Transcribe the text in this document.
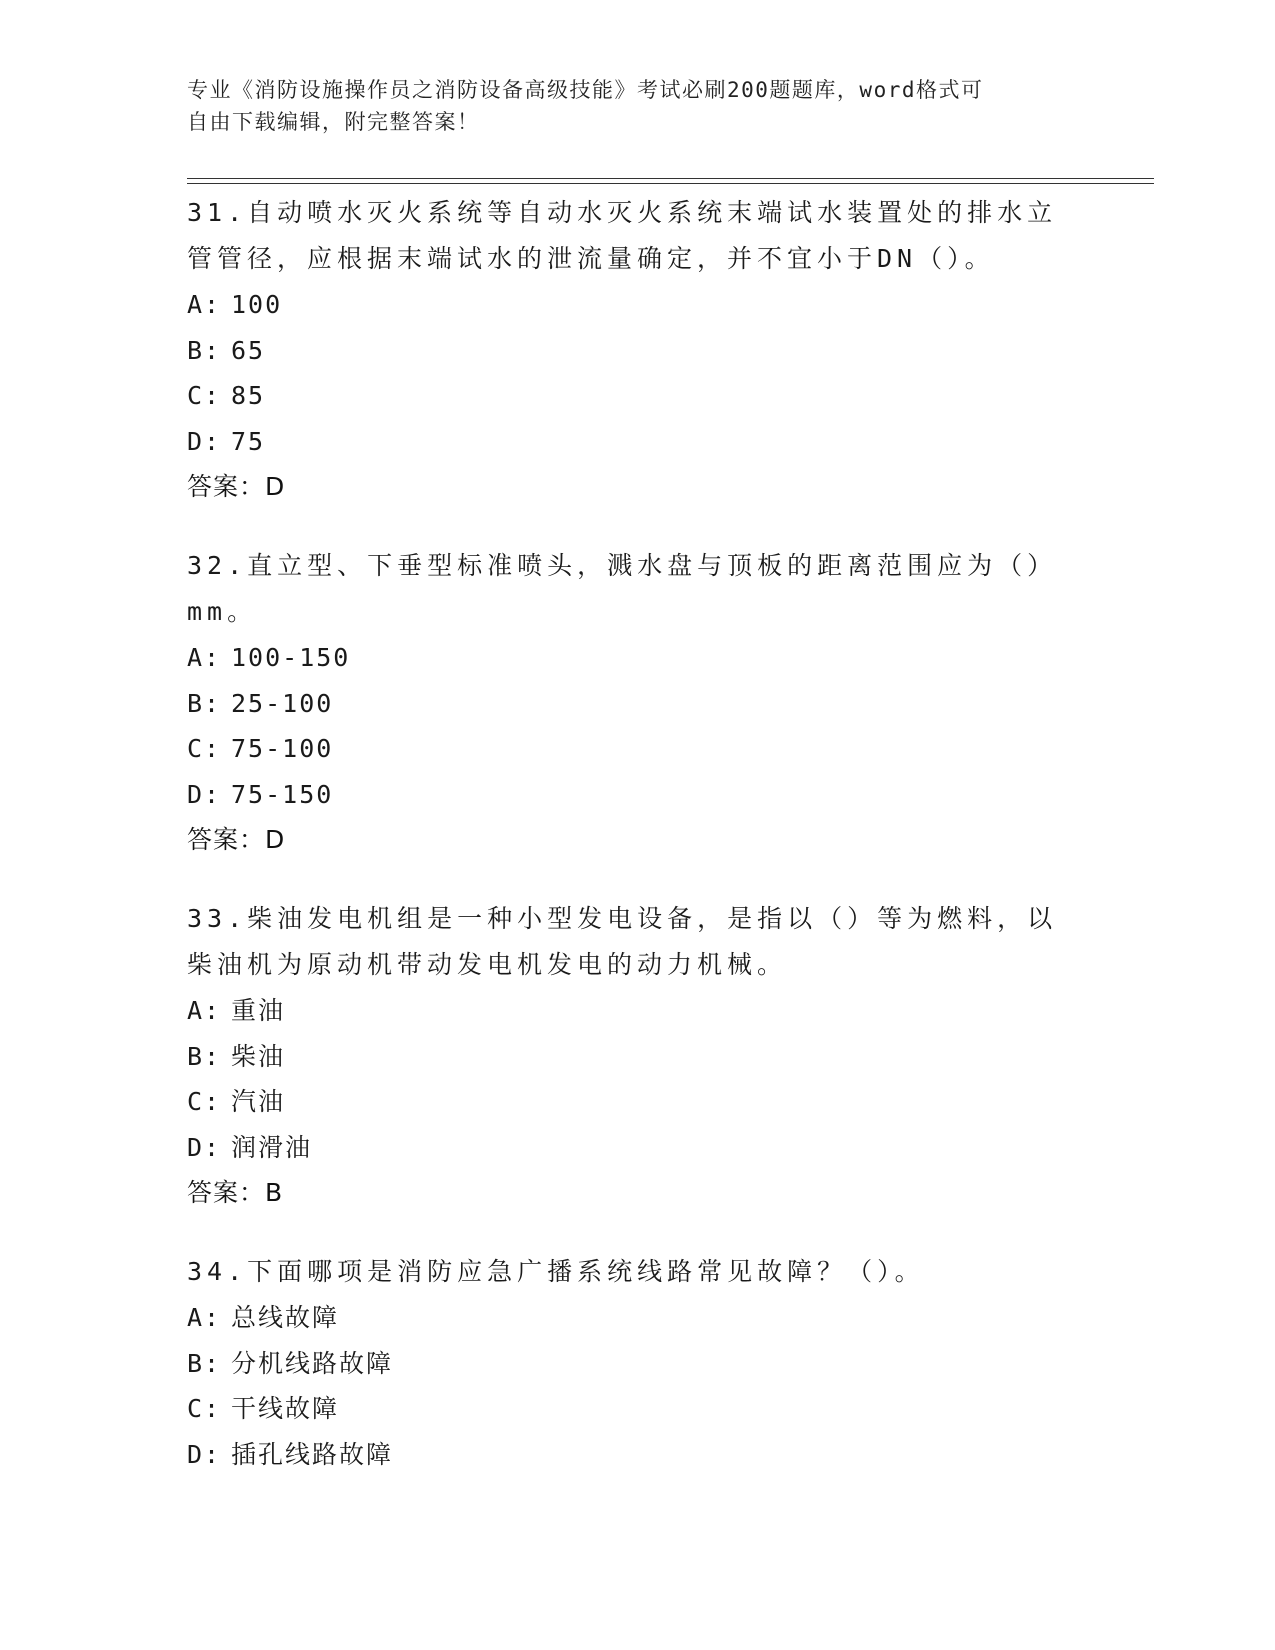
专业《消防设施操作员之消防设备高级技能》考试必刷200题题库，word格式可
自由下载编辑，附完整答案！

31.自动喷水灭火系统等自动水灭火系统末端试水装置处的排水立管管径，应根据末端试水的泄流量确定，并不宜小于DN（）。

A: 100
B: 65
C: 85
D: 75

答案：D

32.直立型、下垂型标准喷头，溅水盘与顶板的距离范围应为（）mm。

A: 100-150
B: 25-100
C: 75-100
D: 75-150

答案：D

33.柴油发电机组是一种小型发电设备，是指以（）等为燃料，以柴油机为原动机带动发电机发电的动力机械。

A: 重油
B: 柴油
C: 汽油
D: 润滑油

答案：B

34.下面哪项是消防应急广播系统线路常见故障？（）。

A: 总线故障
B: 分机线路故障
C: 干线故障
D: 插孔线路故障
